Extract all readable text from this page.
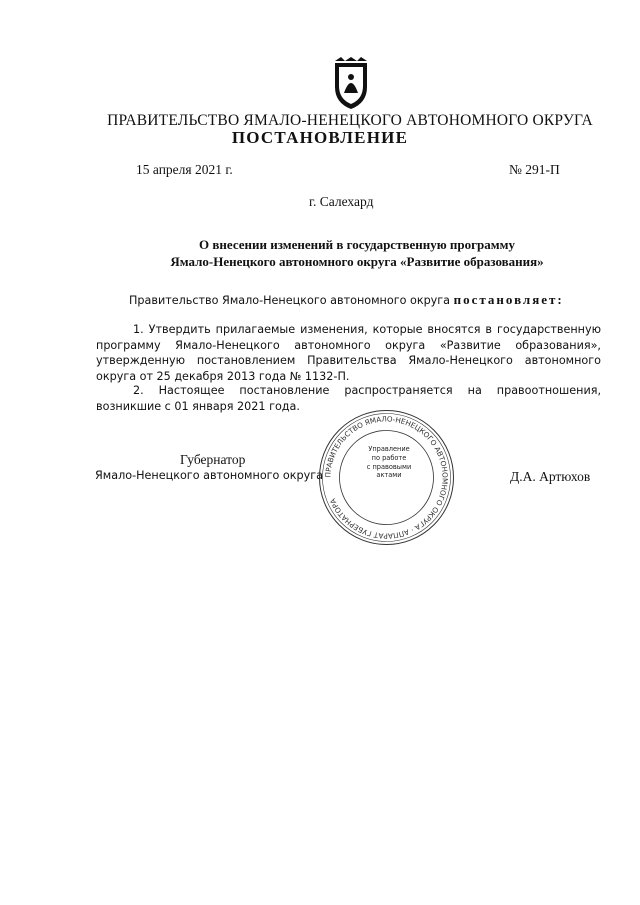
ПРАВИТЕЛЬСТВО ЯМАЛО-НЕНЕЦКОГО АВТОНОМНОГО ОКРУГА
ПОСТАНОВЛЕНИЕ
15 апреля 2021 г.	№ 291-П
г. Салехард
О внесении изменений в государственную программу
Ямало-Ненецкого автономного округа «Развитие образования»
Правительство Ямало-Ненецкого автономного округа постановляет:
1. Утвердить прилагаемые изменения, которые вносятся в государственную программу Ямало-Ненецкого автономного округа «Развитие образования», утвержденную постановлением Правительства Ямало-Ненецкого автономного округа от 25 декабря 2013 года № 1132-П.
2. Настоящее постановление распространяется на правоотношения, возникшие с 01 января 2021 года.
Губернатор
Ямало-Ненецкого автономного округа	Д.А. Артюхов
ПРАВИТЕЛЬСТВО ЯМАЛО-НЕНЕЦКОГО АВТОНОМНОГО ОКРУГА · АППАРАТ ГУБЕРНАТОРА
Управление
по работе
с правовыми
актами
